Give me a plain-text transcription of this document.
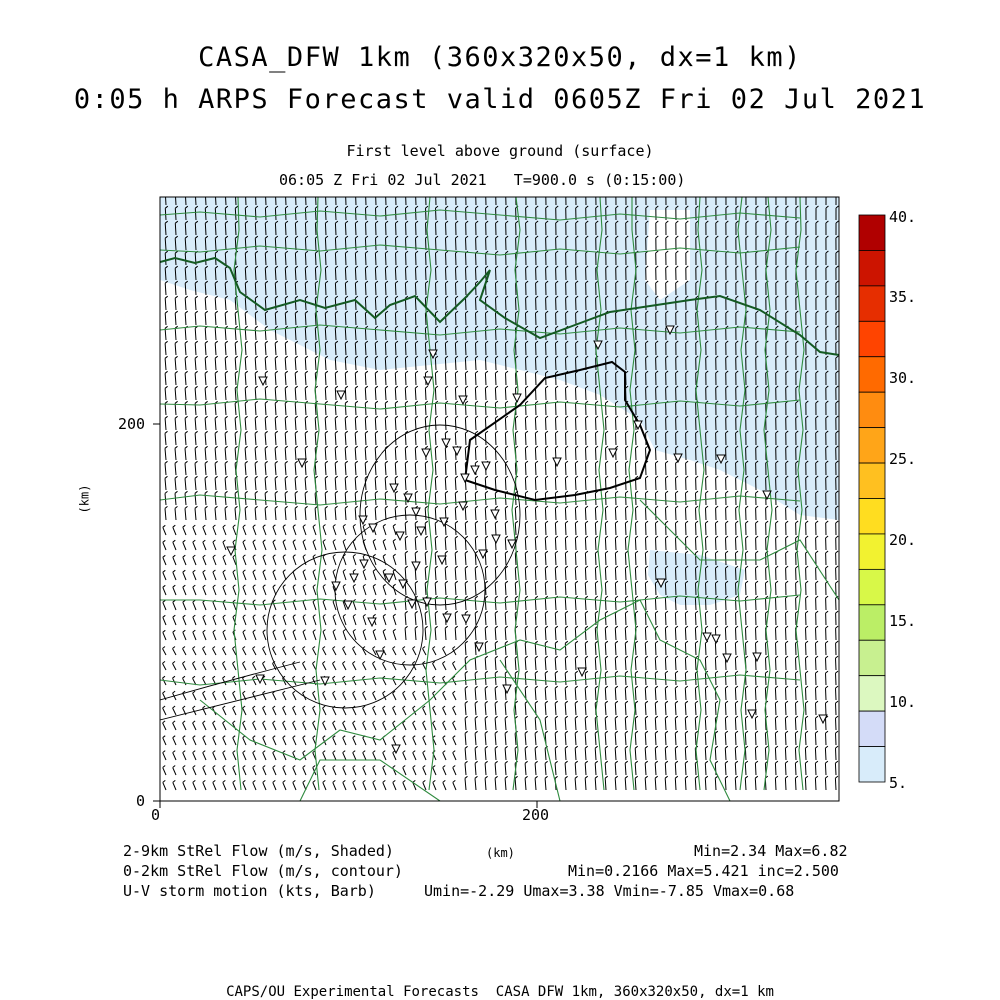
CASA_DFW 1km (360x320x50, dx=1 km)
0:05 h ARPS Forecast valid 0605Z Fri 02 Jul 2021
First level above ground (surface)
06:05 Z Fri 02 Jul 2021   T=900.0 s (0:15:00)
0	200
0
200
(km)
(km)
40.
35.
30.
25.
20.
15.
10.
5.
2-9km StRel Flow (m/s, Shaded)	Min=2.34 Max=6.82
0-2km StRel Flow (m/s, contour)	Min=0.2166 Max=5.421 inc=2.500
U-V storm motion (kts, Barb)	Umin=-2.29 Umax=3.38 Vmin=-7.85 Vmax=0.68
CAPS/OU Experimental Forecasts  CASA DFW 1km, 360x320x50, dx=1 km
